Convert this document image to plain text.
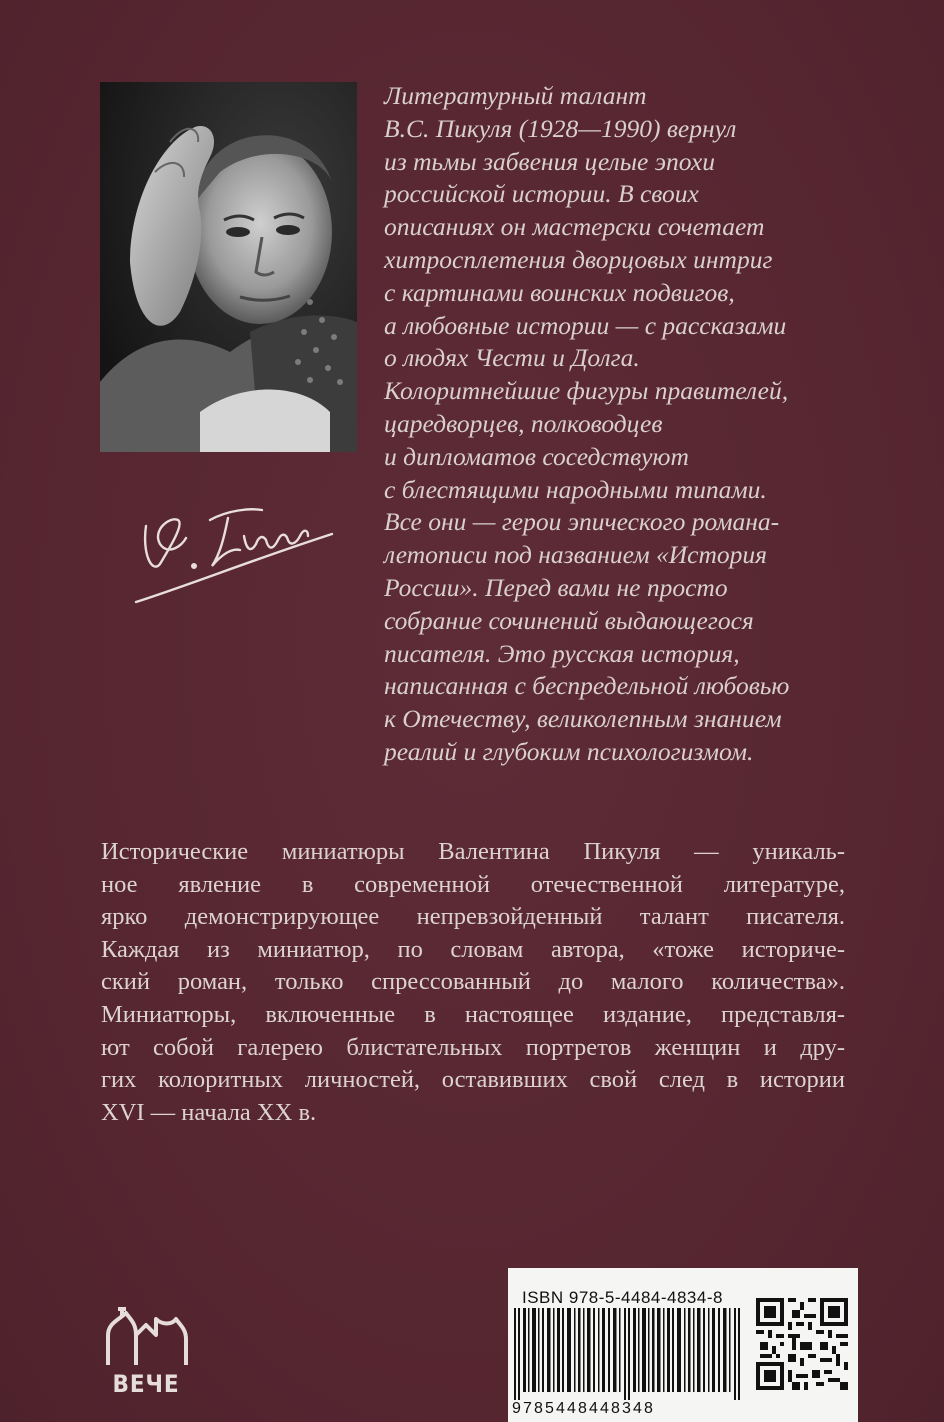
Литературный талант
В.С. Пикуля (1928—1990) вернул
из тьмы забвения целые эпохи
российской истории. В своих
описаниях он мастерски сочетает
хитросплетения дворцовых интриг
с картинами воинских подвигов,
а любовные истории — с рассказами
о людях Чести и Долга.
Колоритнейшие фигуры правителей,
царедворцев, полководцев
и дипломатов соседствуют
с блестящими народными типами.
Все они — герои эпического романа-
летописи под названием «История
России». Перед вами не просто
собрание сочинений выдающегося
писателя. Это русская история,
написанная с беспредельной любовью
к Отечеству, великолепным знанием
реалий и глубоким психологизмом.
Исторические миниатюры Валентина Пикуля — уникаль-
ное явление в современной отечественной литературе,
ярко демонстрирующее непревзойденный талант писателя.
Каждая из миниатюр, по словам автора, «тоже историче-
ский роман, только спрессованный до малого количества».
Миниатюры, включенные в настоящее издание, представля-
ют собой галерею блистательных портретов женщин и дру-
гих колоритных личностей, оставивших свой след в истории
XVI — начала XX в.
ВЕЧЕ
ISBN 978-5-4484-4834-8
9785448448348
